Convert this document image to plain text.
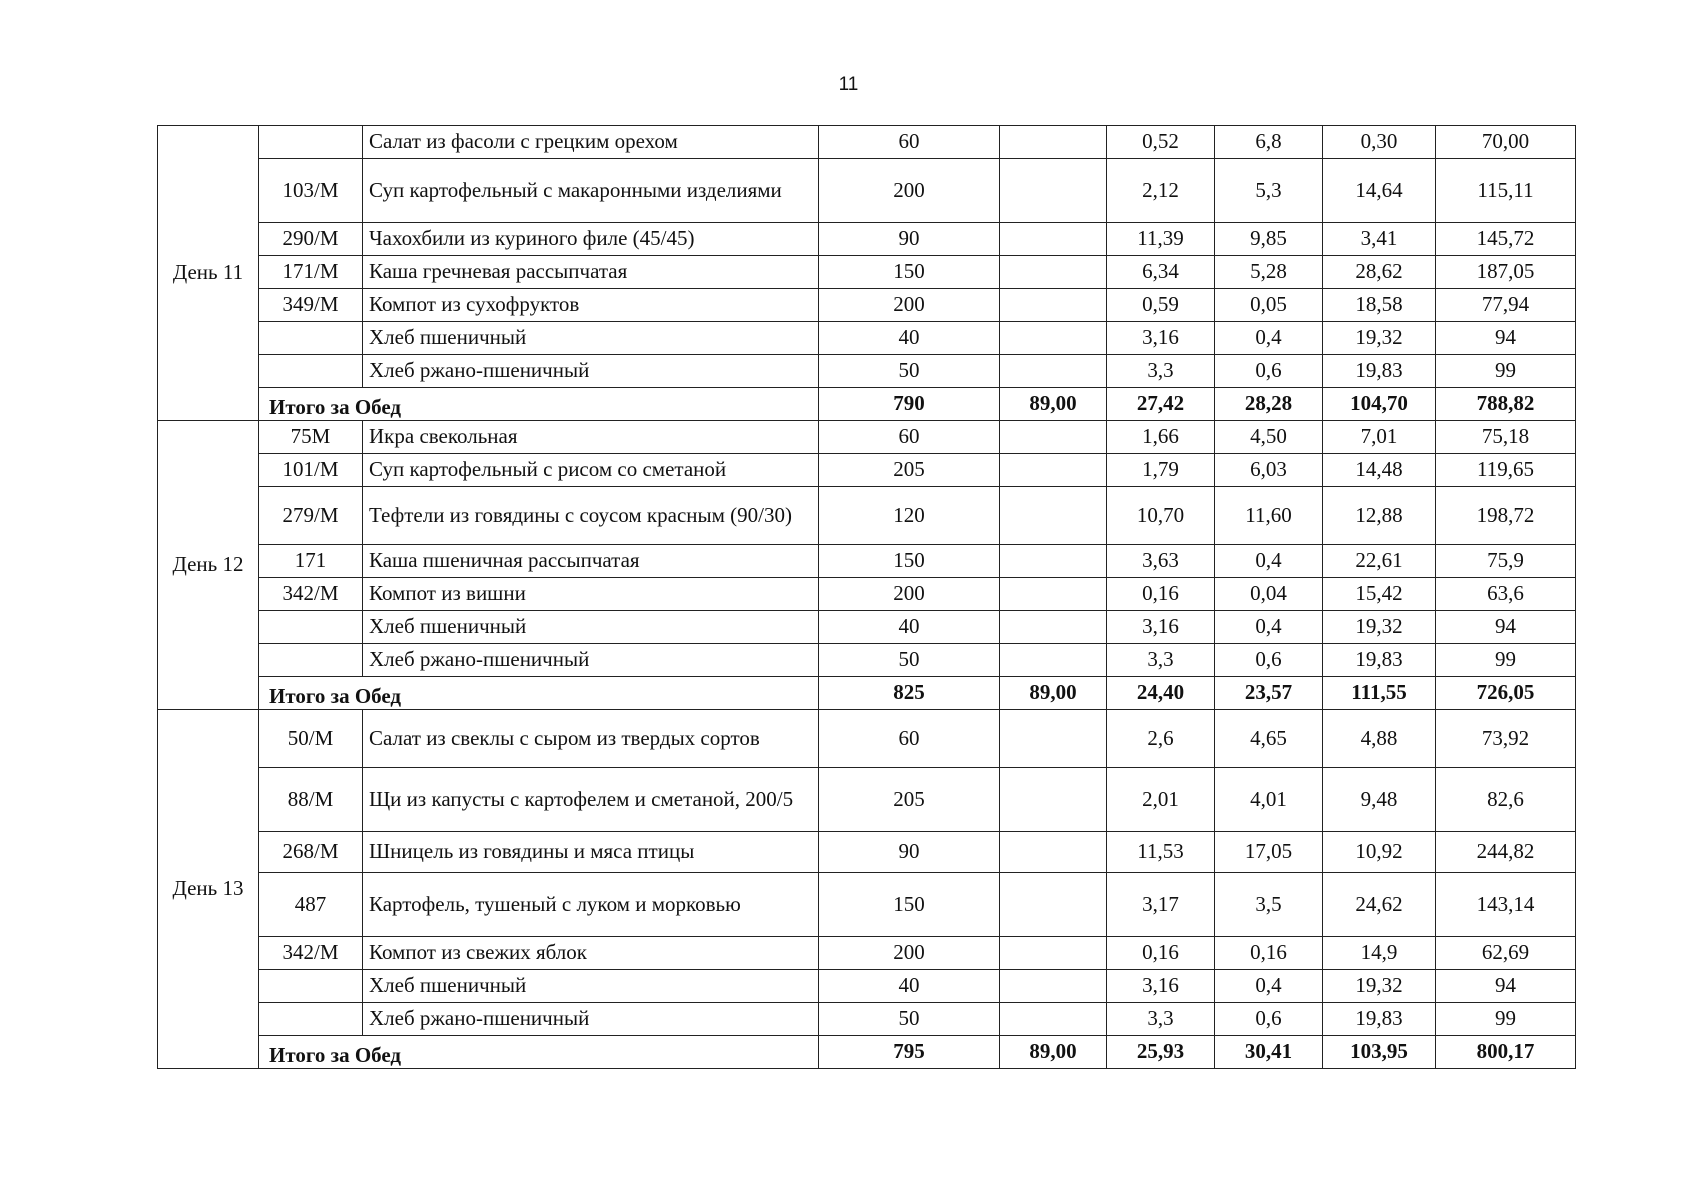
11
День 11		Салат из фасоли с грецким орехом	60		0,52	6,8	0,30	70,00
	103/М	Суп картофельный с макаронными изделиями	200		2,12	5,3	14,64	115,11
	290/М	Чахохбили из куриного филе (45/45)	90		11,39	9,85	3,41	145,72
	171/М	Каша гречневая рассыпчатая	150		6,34	5,28	28,62	187,05
	349/М	Компот из сухофруктов	200		0,59	0,05	18,58	77,94
		Хлеб пшеничный	40		3,16	0,4	19,32	94
		Хлеб ржано-пшеничный	50		3,3	0,6	19,83	99
	Итого за Обед		790	89,00	27,42	28,28	104,70	788,82
День 12	75М	Икра свекольная	60		1,66	4,50	7,01	75,18
	101/М	Суп картофельный с рисом со сметаной	205		1,79	6,03	14,48	119,65
	279/М	Тефтели из говядины с соусом красным (90/30)	120		10,70	11,60	12,88	198,72
	171	Каша пшеничная рассыпчатая	150		3,63	0,4	22,61	75,9
	342/М	Компот из вишни	200		0,16	0,04	15,42	63,6
		Хлеб пшеничный	40		3,16	0,4	19,32	94
		Хлеб ржано-пшеничный	50		3,3	0,6	19,83	99
	Итого за Обед		825	89,00	24,40	23,57	111,55	726,05
День 13	50/М	Салат из свеклы с сыром из твердых сортов	60		2,6	4,65	4,88	73,92
	88/М	Щи из капусты с картофелем и сметаной, 200/5	205		2,01	4,01	9,48	82,6
	268/М	Шницель из говядины и мяса птицы	90		11,53	17,05	10,92	244,82
	487	Картофель, тушеный с луком и морковью	150		3,17	3,5	24,62	143,14
	342/М	Компот из свежих яблок	200		0,16	0,16	14,9	62,69
		Хлеб пшеничный	40		3,16	0,4	19,32	94
		Хлеб ржано-пшеничный	50		3,3	0,6	19,83	99
	Итого за Обед		795	89,00	25,93	30,41	103,95	800,17
